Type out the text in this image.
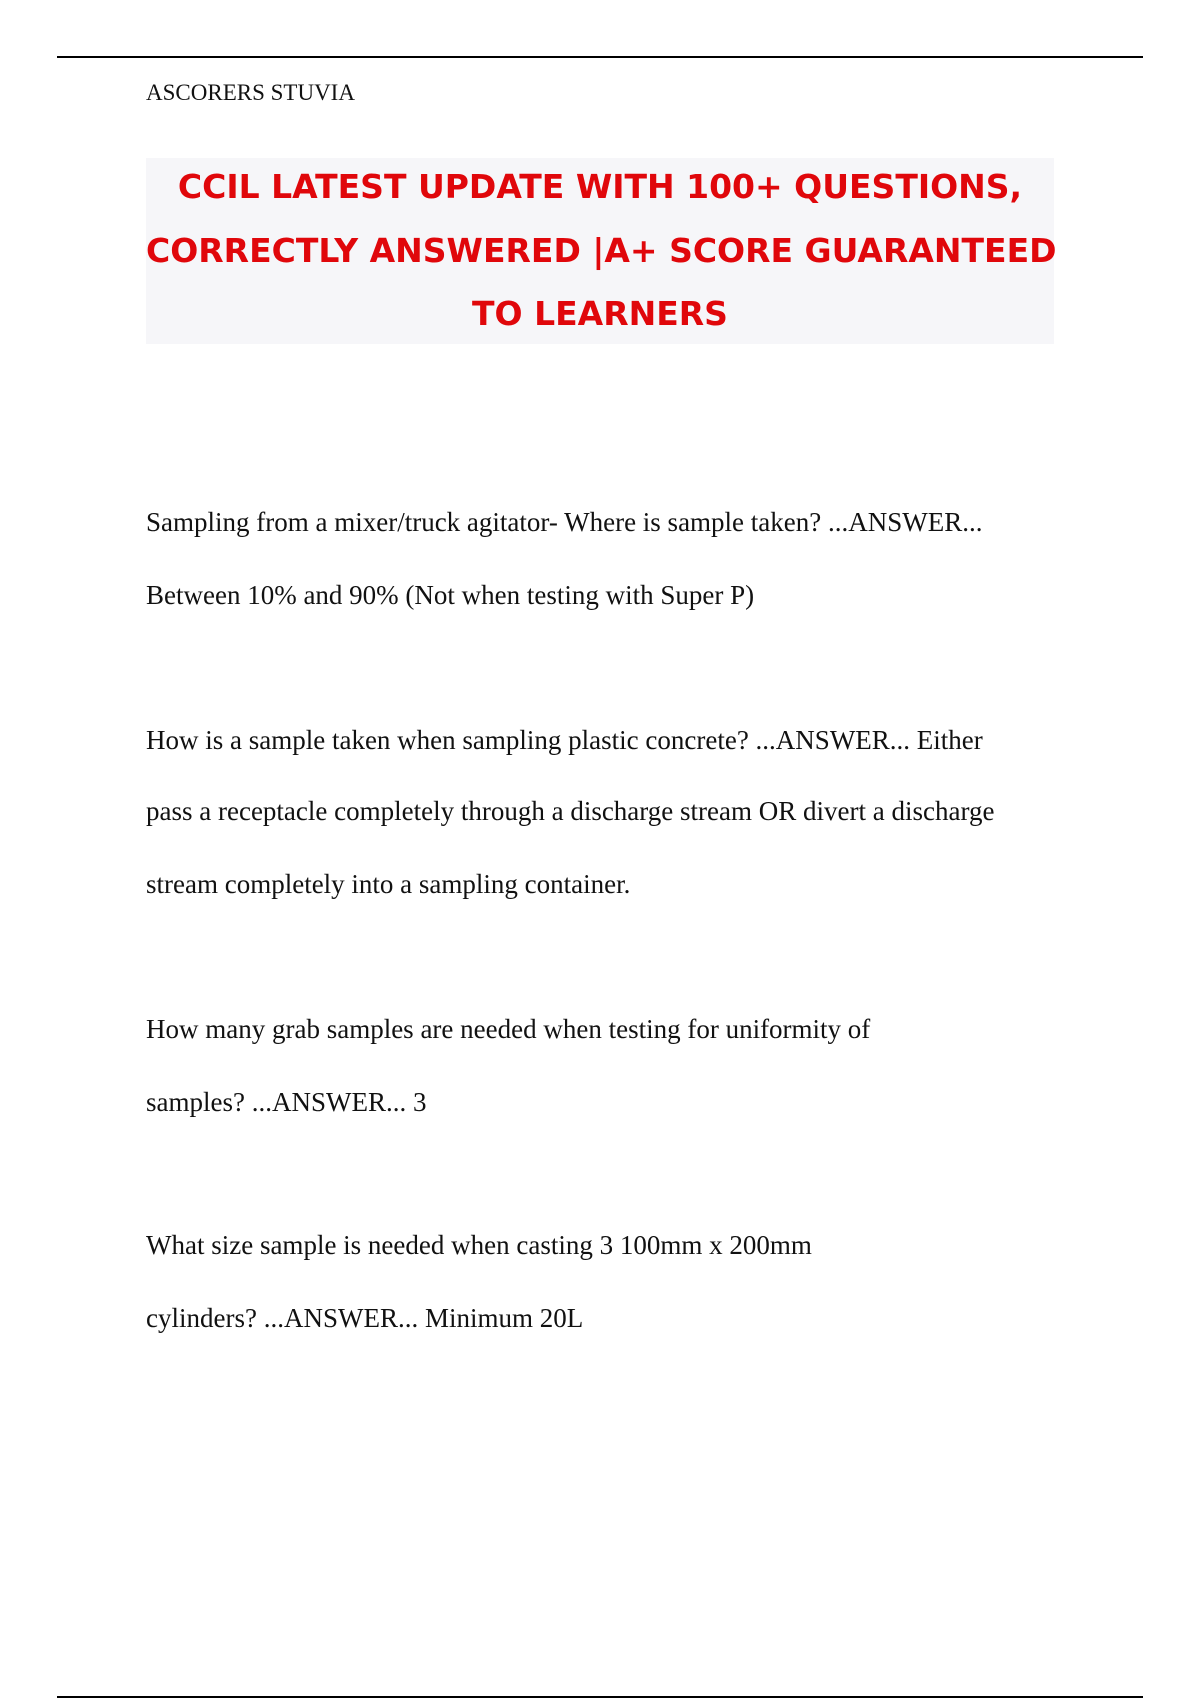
ASCORERS STUVIA
CCIL LATEST UPDATE WITH 100+ QUESTIONS,
CORRECTLY ANSWERED |A+ SCORE GUARANTEED
TO LEARNERS
Sampling from a mixer/truck agitator- Where is sample taken? ...ANSWER...
Between 10% and 90% (Not when testing with Super P)
How is a sample taken when sampling plastic concrete? ...ANSWER... Either
pass a receptacle completely through a discharge stream OR divert a discharge
stream completely into a sampling container.
How many grab samples are needed when testing for uniformity of
samples? ...ANSWER... 3
What size sample is needed when casting 3 100mm x 200mm
cylinders? ...ANSWER... Minimum 20L
